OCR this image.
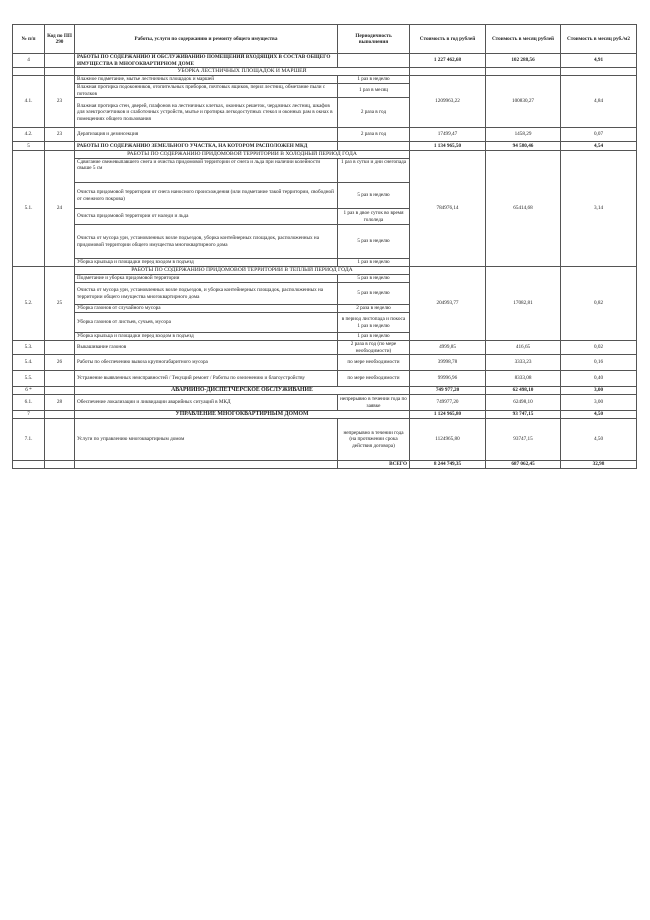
№ п/п	Код по ПП 290	Работы, услуги по содержанию и ремонту общего имущества	Периодичность выполнения	Стоимость в год рублей	Стоимость в месяц рублей	Стоимость в месяц руб./м2
4		РАБОТЫ ПО СОДЕРЖАНИЮ И ОБСЛУЖИВАНИЮ ПОМЕЩЕНИЙ ВХОДЯЩИХ В СОСТАВ ОБЩЕГО ИМУЩЕСТВА В МНОГОКВАРТИРНОМ ДОМЕ		1 227 462,68	102 288,56	4,91
		УБОРКА ЛЕСТНИЧНЫХ ПЛОЩАДОК И МАРШЕЙ				
4.1.	23	Влажное подметание, мытье лестничных площадок и маршей	1 раз в неделю	1209963,22	100830,27	4,84
		Влажная протирка подоконников, отопительных приборов, почтовых ящиков, перил лестниц, обметание пыли с потолков	1 раз в месяц			
		Влажная протирка стен, дверей, плафонов на лестничных клетках, оконных решеток, чердачных лестниц, шкафов для электросчетчиков и слаботочных устройств, мытье и протирка легкодоступных стекол и оконных рам в окнах в помещениях общего пользования	2 раза в год			
4.2.	23	Дератизация и дезинсекция	2 раза в год	17499,47	1458,29	0,07
5		РАБОТЫ ПО СОДЕРЖАНИЮ ЗЕМЕЛЬНОГО УЧАСТКА, НА КОТОРОМ РАСПОЛОЖЕН МКД		1 134 965,50	94 580,46	4,54
5.1.	24	РАБОТЫ ПО СОДЕРЖАНИЮ ПРИДОМОВОЙ ТЕРРИТОРИИ В ХОЛОДНЫЙ ПЕРИОД ГОДА		784976,14	65414,68	3,14
		Сдвигание свежевыпавшего снега и очистка придомовой территории от снега и льда при наличии колейности свыше 5 см	1 раз в сутки и дни снегопада			
		Очистка придомовой территории от снега наносного происхождения (или подметание такой территории, свободной от снежного покрова)	5 раз в неделю			
		Очистка придомовой территории от наледи и льда	1 раз в двое суток во время гололеда			
		Очистка от мусора урн, установленных возле подъездов, уборка контейнерных площадок, расположенных на придомовой территории общего имущества многоквартирного дома	5 раз в неделю			
		Уборка крыльца и площадки перед входом в подъезд	1 раз в неделю			
5.2.	25	РАБОТЫ ПО СОДЕРЖАНИЮ ПРИДОМОВОЙ ТЕРРИТОРИИ В ТЕПЛЫЙ ПЕРИОД ГОДА		204993,77	17082,81	0,82
		Подметание и уборка придомовой территории	5 раз в неделю			
		Очистка от мусора урн, установленных возле подъездов, и уборка контейнерных площадок, расположенных на территории общего имущества многоквартирного дома	5 раз в неделю			
		Уборка газонов от случайного мусора	2 раза в неделю			
		Уборка газонов от листьев, сучьев, мусора	в период листопада и покоса 1 раз в неделю			
		Уборка крыльца и площадки перед входом в подъезд	1 раз в неделю			
5.3.		Выкашивание газонов	2 раза в год (по мере необходимости)	4999,85	416,65	0,02
5.4.	26	Работы по обеспечению вывоза крупногабаритного мусора	по мере необходимости	39998,78	3333,23	0,16
5.5.		Устранение выявленных неисправностей / Текущий ремонт / Работы по озеленению и благоустройству	по мере необходимости	99996,96	8333,08	0,40
6 *		АВАРИЙНО-ДИСПЕТЧЕРСКОЕ ОБСЛУЖИВАНИЕ		749 977,20	62 498,10	3,00
6.1.	28	Обеспечение локализации и ликвидации аварийных ситуаций в МКД	непрерывно в течении года по заявке	749977,20	62498,10	3,00
7		УПРАВЛЕНИЕ МНОГОКВАРТИРНЫМ ДОМОМ		1 124 965,80	93 747,15	4,50
7.1.		Услуги по управлению многоквартирным домом	непрерывно в течении года (на протяжении срока действия договора)	1124965,80	93747,15	4,50
			ВСЕГО	8 244 749,35	687 062,45	32,98
